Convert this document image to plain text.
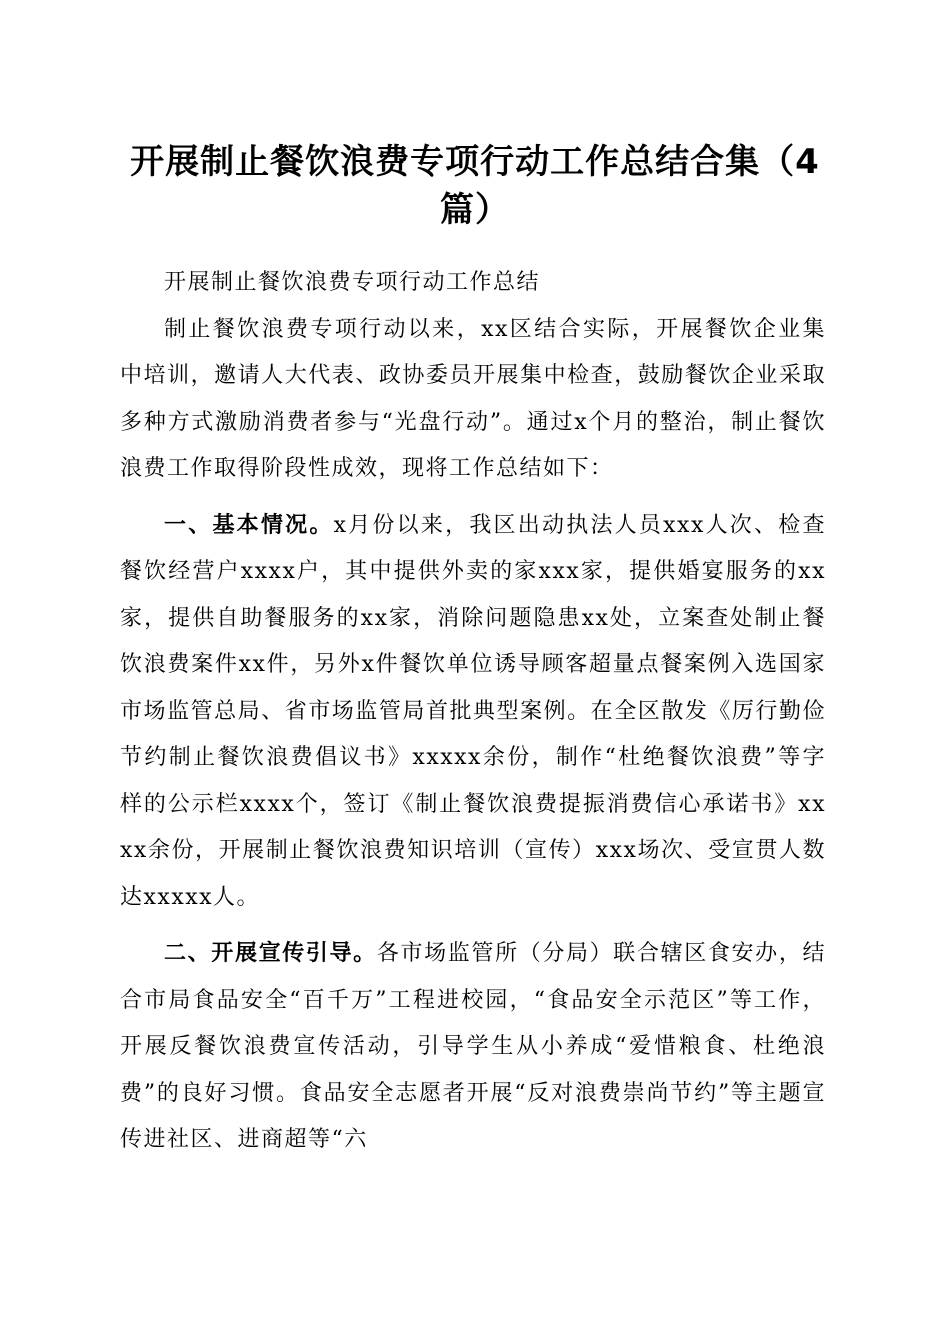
开展制止餐饮浪费专项行动工作总结合集（4篇）

开展制止餐饮浪费专项行动工作总结

制止餐饮浪费专项行动以来，xx区结合实际，开展餐饮企业集中培训，邀请人大代表、政协委员开展集中检查，鼓励餐饮企业采取多种方式激励消费者参与“光盘行动”。通过x个月的整治，制止餐饮浪费工作取得阶段性成效，现将工作总结如下：

一、基本情况。x月份以来，我区出动执法人员xxx人次、检查餐饮经营户xxxx户，其中提供外卖的家xxx家，提供婚宴服务的xx家，提供自助餐服务的xx家，消除问题隐患xx处，立案查处制止餐饮浪费案件xx件，另外x件餐饮单位诱导顾客超量点餐案例入选国家市场监管总局、省市场监管局首批典型案例。在全区散发《厉行勤俭节约制止餐饮浪费倡议书》xxxxx余份，制作“杜绝餐饮浪费”等字样的公示栏xxxx个，签订《制止餐饮浪费提振消费信心承诺书》xxxx余份，开展制止餐饮浪费知识培训（宣传）xxx场次、受宣贯人数达xxxxx人。

二、开展宣传引导。各市场监管所（分局）联合辖区食安办，结合市局食品安全“百千万”工程进校园，“食品安全示范区”等工作，开展反餐饮浪费宣传活动，引导学生从小养成“爱惜粮食、杜绝浪费”的良好习惯。食品安全志愿者开展“反对浪费崇尚节约”等主题宣传进社区、进商超等“六
